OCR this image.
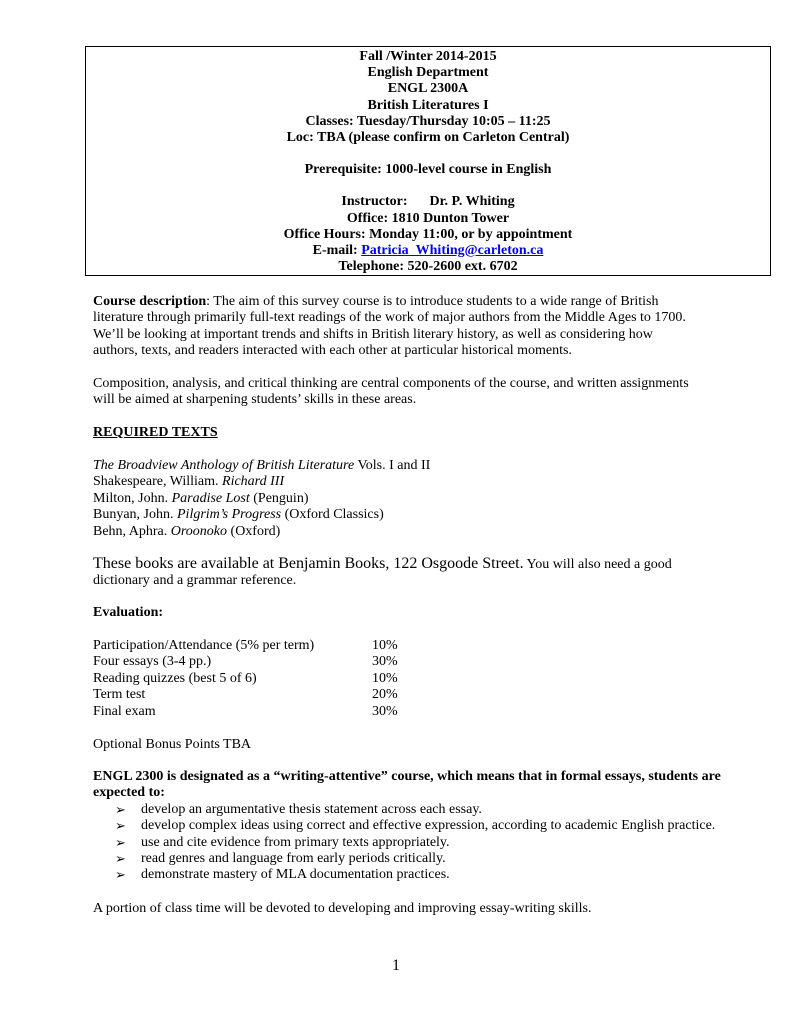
Fall /Winter 2014-2015
English Department
ENGL 2300A
British Literatures I
Classes: Tuesday/Thursday 10:05 – 11:25
Loc: TBA (please confirm on Carleton Central)
Prerequisite: 1000-level course in English
Instructor: Dr. P. Whiting
Office: 1810 Dunton Tower
Office Hours: Monday 11:00, or by appointment
E-mail: Patricia_Whiting@carleton.ca
Telephone: 520-2600 ext. 6702

Course description: The aim of this survey course is to introduce students to a wide range of British

literature through primarily full-text readings of the work of major authors from the Middle Ages to 1700.

We’ll be looking at important trends and shifts in British literary history, as well as considering how

authors, texts, and readers interacted with each other at particular historical moments.

Composition, analysis, and critical thinking are central components of the course, and written assignments

will be aimed at sharpening students’ skills in these areas.

REQUIRED TEXTS
The Broadview Anthology of British Literature Vols. I and II
Shakespeare, William. Richard III
Milton, John. Paradise Lost (Penguin)
Bunyan, John. Pilgrim’s Progress (Oxford Classics)
Behn, Aphra. Oroonoko (Oxford)

These books are available at Benjamin Books, 122 Osgoode Street. You will also need a good

dictionary and a grammar reference.

Evaluation:
Participation/Attendance (5% per term)	10%
Four essays (3-4 pp.)	30%
Reading quizzes (best 5 of 6)	10%
Term test	20%
Final exam	30%
Optional Bonus Points TBA

ENGL 2300 is designated as a “writing-attentive” course, which means that in formal essays, students are

expected to:

➢ develop an argumentative thesis statement across each essay.
➢ develop complex ideas using correct and effective expression, according to academic English practice.
➢ use and cite evidence from primary texts appropriately.
➢ read genres and language from early periods critically.
➢ demonstrate mastery of MLA documentation practices.
A portion of class time will be devoted to developing and improving essay-writing skills.
1
